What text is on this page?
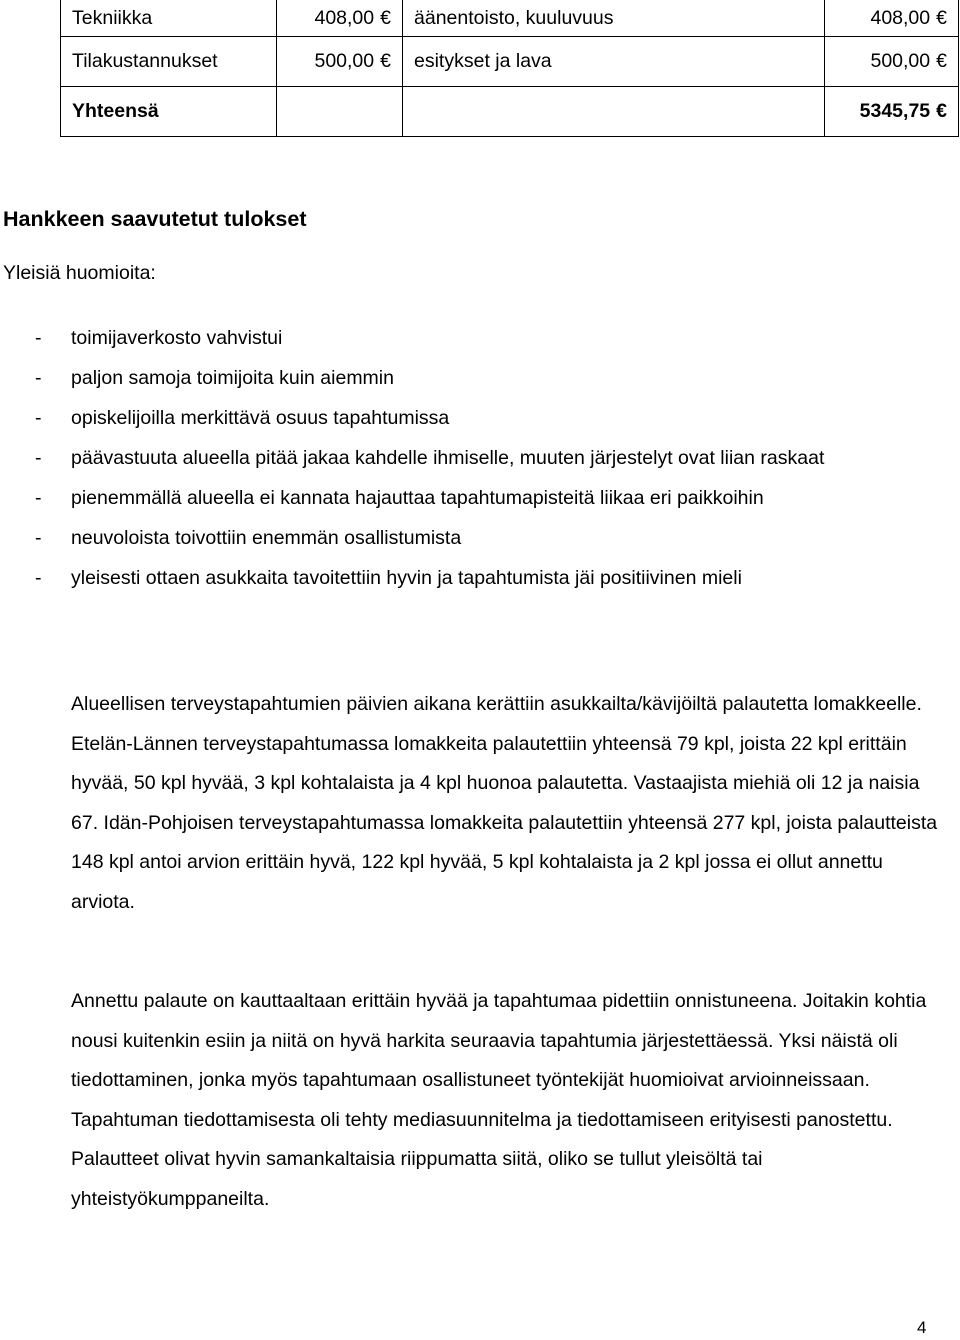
Tekniikka	408,00 €	äänentoisto, kuuluvuus	408,00 €
Tilakustannukset	500,00 €	esitykset ja lava	500,00 €
Yhteensä			5345,75 €
Hankkeen saavutetut tulokset

Yleisiä huomioita:

- toimijaverkosto vahvistui
- paljon samoja toimijoita kuin aiemmin
- opiskelijoilla merkittävä osuus tapahtumissa
- päävastuuta alueella pitää jakaa kahdelle ihmiselle, muuten järjestelyt ovat liian raskaat
- pienemmällä alueella ei kannata hajauttaa tapahtumapisteitä liikaa eri paikkoihin
- neuvoloista toivottiin enemmän osallistumista
- yleisesti ottaen asukkaita tavoitettiin hyvin ja tapahtumista jäi positiivinen mieli

Alueellisen terveystapahtumien päivien aikana kerättiin asukkailta/kävijöiltä palautetta lomakkeelle. Etelän-Lännen terveystapahtumassa lomakkeita palautettiin yhteensä 79 kpl, joista 22 kpl erittäin hyvää, 50 kpl hyvää, 3 kpl kohtalaista ja 4 kpl huonoa palautetta. Vastaajista miehiä oli 12 ja naisia 67. Idän-Pohjoisen terveystapahtumassa lomakkeita palautettiin yhteensä 277 kpl, joista palautteista 148 kpl antoi arvion erittäin hyvä, 122 kpl hyvää, 5 kpl kohtalaista ja 2 kpl jossa ei ollut annettu arviota.

Annettu palaute on kauttaaltaan erittäin hyvää ja tapahtumaa pidettiin onnistuneena. Joitakin kohtia nousi kuitenkin esiin ja niitä on hyvä harkita seuraavia tapahtumia järjestettäessä. Yksi näistä oli tiedottaminen, jonka myös tapahtumaan osallistuneet työntekijät huomioivat arvioinneissaan. Tapahtuman tiedottamisesta oli tehty mediasuunnitelma ja tiedottamiseen erityisesti panostettu. Palautteet olivat hyvin samankaltaisia riippumatta siitä, oliko se tullut yleisöltä tai yhteistyökumppaneilta.

4
